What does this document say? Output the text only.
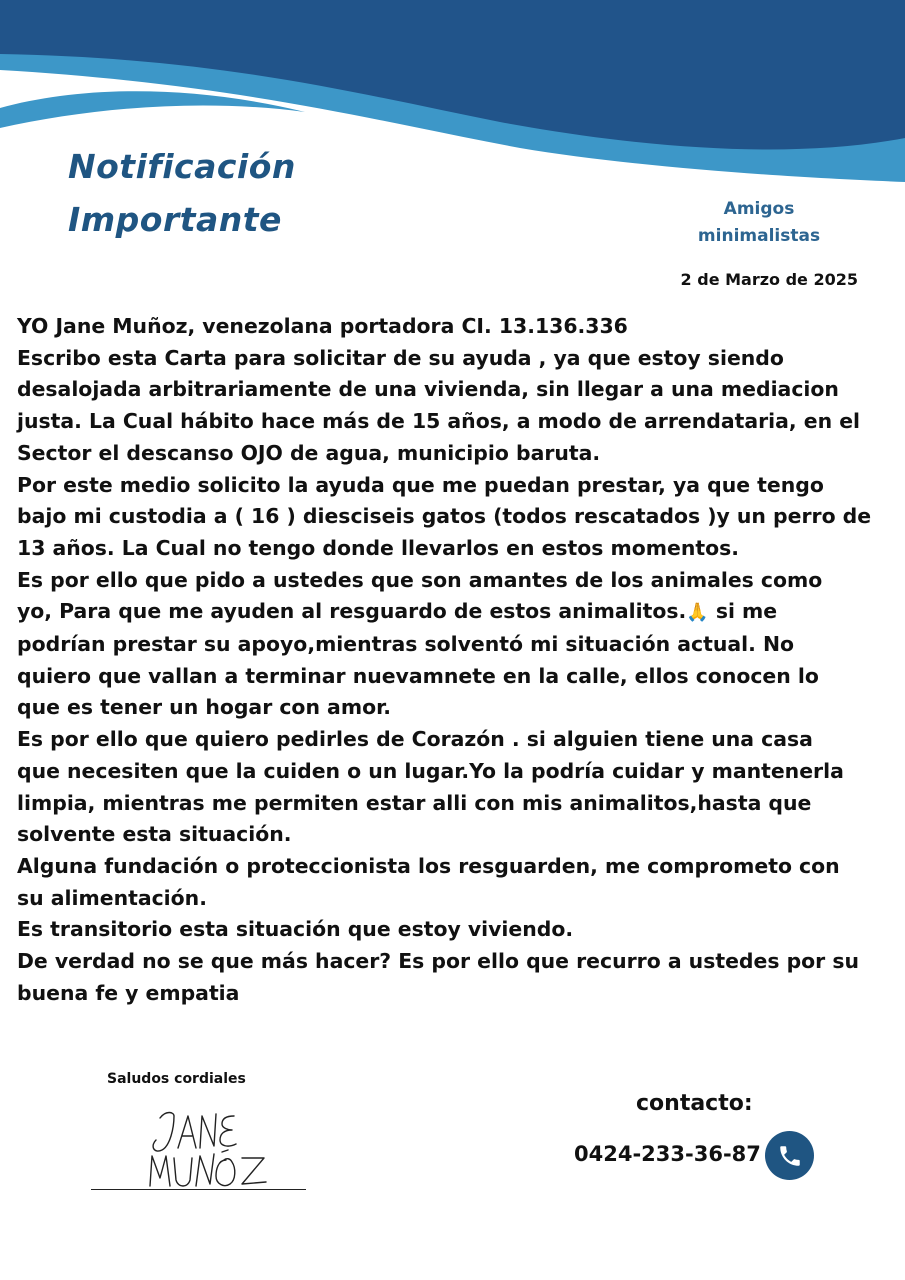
Notificación
Importante	Amigos
minimalistas
2 de Marzo de 2025

YO Jane Muñoz, venezolana portadora CI. 13.136.336

Escribo esta Carta para solicitar de su ayuda , ya que estoy siendo

desalojada arbitrariamente de una vivienda, sin llegar a una mediacion

justa. La Cual hábito hace más de 15 años, a modo de arrendataria, en el

Sector el descanso OJO de agua, municipio baruta.

Por este medio solicito la ayuda que me puedan prestar, ya que tengo

bajo mi custodia a ( 16 ) diesciseis gatos (todos rescatados )y un perro de

13 años. La Cual no tengo donde llevarlos en estos momentos.

Es por ello que pido a ustedes que son amantes de los animales como

yo, Para que me ayuden al resguardo de estos animalitos.🙏 si me

podrían prestar su apoyo,mientras solventó mi situación actual. No

quiero que vallan a terminar nuevamnete en la calle, ellos conocen lo

que es tener un hogar con amor.

Es por ello que quiero pedirles de Corazón . si alguien tiene una casa

que necesiten que la cuiden o un lugar.Yo la podría cuidar y mantenerla

limpia, mientras me permiten estar alli con mis animalitos,hasta que

solvente esta situación.

Alguna fundación o proteccionista los resguarden, me comprometo con

su alimentación.

Es transitorio esta situación que estoy viviendo.

De verdad no se que más hacer? Es por ello que recurro a ustedes por su

buena fe y empatia

Saludos cordiales
contacto:
0424-233-36-87
